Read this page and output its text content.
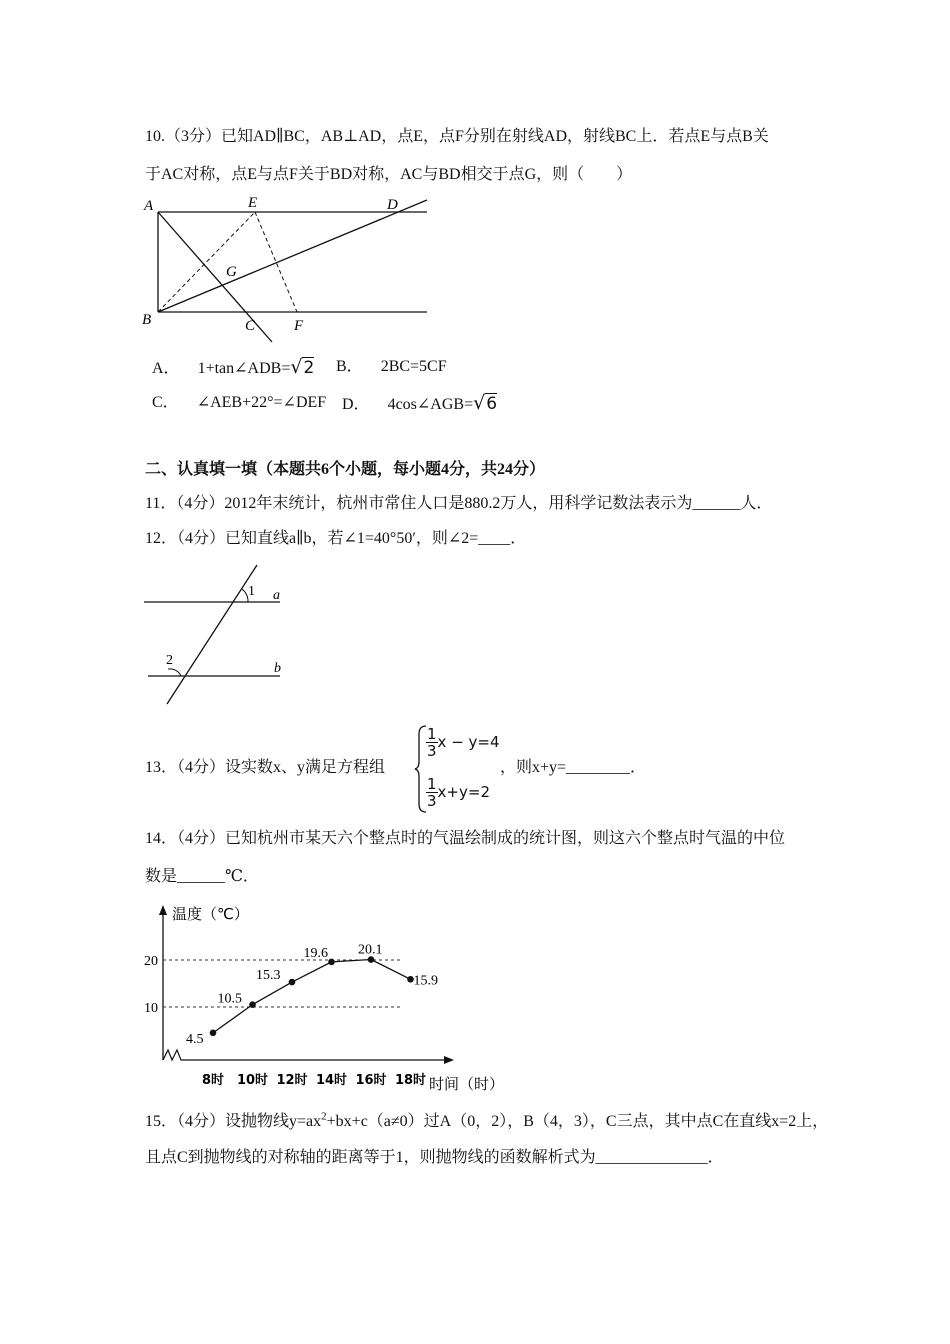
10.（3分）已知AD∥BC，AB⊥AD，点E，点F分别在射线AD，射线BC上．若点E与点B关
于AC对称，点E与点F关于BD对称，AC与BD相交于点G，则（　　）
A	E	D
G
B	C	F
A． 1+tan∠ADB=√2 B． 2BC=5CF
C． ∠AEB+22°=∠DEF D． 4cos∠AGB=√6
二、认真填一填（本题共6个小题，每小题4分，共24分）
11．（4分）2012年末统计，杭州市常住人口是880.2万人，用科学记数法表示为______人．
12．（4分）已知直线a∥b，若∠1=40°50′，则∠2=____．
1
2
a
b
13．（4分）设实数x、y满足方程组
$\frac{1}{3}$ x − y=4
$\frac{1}{3} x+y=2$
，则x+y=________．
14．（4分）已知杭州市某天六个整点时的气温绘制成的统计图，则这六个整点时气温的中位
数是______℃．
温度（℃）
时间（时）
10
20
8时 10时 12时 14时 16时 18时
4.5
10.5
15.3
19.6 20.1
15.9
15．（4分）设抛物线$y=ax^2+bx+c(a\ne 0)$过A（0，2），B（4，3），C三点，其中点C在直线x=2上，
且点C到抛物线的对称轴的距离等于1，则抛物线的函数解析式为______________．
